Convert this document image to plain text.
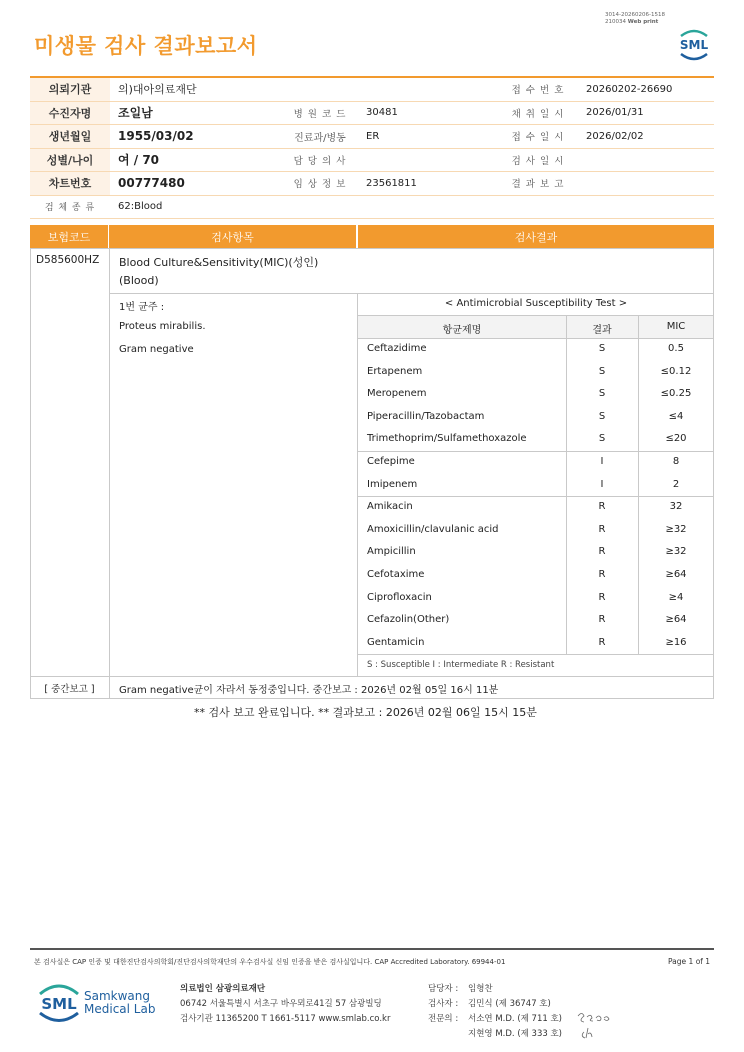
미생물 검사 결과보고서
3014-20260206-1518
210034 Web print
SML
의뢰기관	의)대아의료재단			접 수 번 호	20260202-26690
수진자명	조일남	병 원 코 드	30481	채 취 일 시	2026/01/31
생년월일	1955/03/02	진료과/병동	ER	접 수 일 시	2026/02/02
성별/나이	여 / 70	담 당 의 사		검 사 일 시	
차트번호	00777480	임 상 정 보	23561811	결 과 보 고	
검 체 종 류	62:Blood				
보험코드	검사항목	검사결과
D585600HZ Blood Culture&Sensitivity(MIC)(성인)
(Blood)
1번 균주 :
Proteus mirabilis.
Gram negative
< Antimicrobial Susceptibility Test >
항균제명	결과	MIC
Ceftazidime	S	0.5
Ertapenem	S	≤0.12
Meropenem	S	≤0.25
Piperacillin/Tazobactam	S	≤4
Trimethoprim/Sulfamethoxazole	S	≤20
Cefepime	I	8
Imipenem	I	2
Amikacin	R	32
Amoxicillin/clavulanic acid	R	≥32
Ampicillin	R	≥32
Cefotaxime	R	≥64
Ciprofloxacin	R	≥4
Cefazolin(Other)	R	≥64
Gentamicin	R	≥16
S : Susceptible I : Intermediate R : Resistant
[ 중간보고 ]	Gram negative균이 자라서 동정중입니다. 중간보고 : 2026년 02월 05일 16시 11분
** 검사 보고 완료입니다. ** 결과보고 : 2026년 02월 06일 15시 15분
본 검사실은 CAP 인증 및 대한진단검사의학회/진단검사의학재단의 우수검사실 신임 인증을 받은 검사실입니다. CAP Accredited Laboratory. 69944-01	Page 1 of 1
SML Samkwang
Medical Lab
의료법인 삼광의료재단
06742 서울특별시 서초구 바우뫼로41길 57 삼광빌딩
검사기관 11365200 T 1661-5117 www.smlab.co.kr
담당자 : 임형찬
검사자 : 김민식 (제 36747 호)
전문의 : 서소연 M.D. (제 711 호)
지현영 M.D. (제 333 호)
